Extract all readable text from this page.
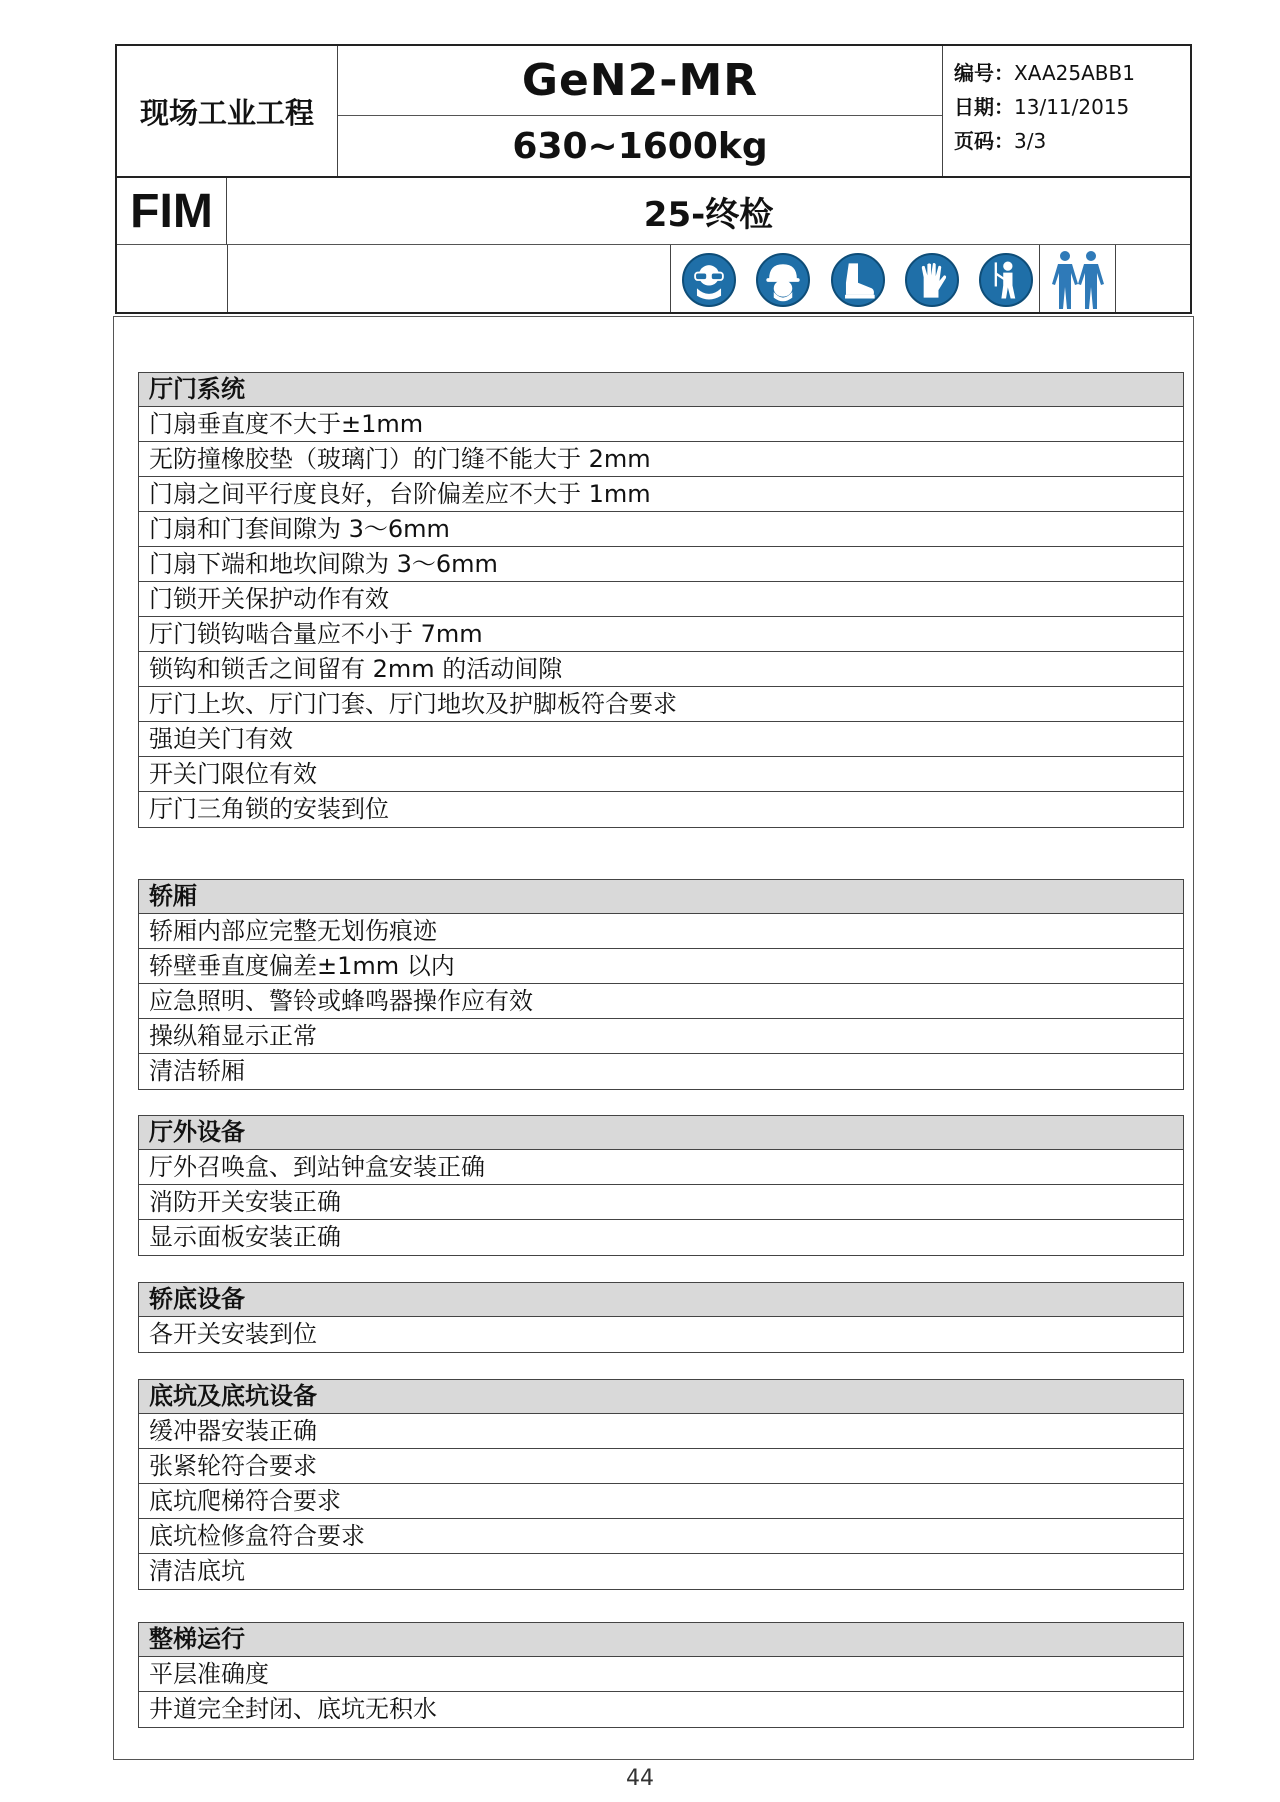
现场工业工程
GeN2-MR
630~1600kg
编号：XAA25ABB1
日期：13/11/2015
页码：3/3
FIM	25-终检
厅门系统
门扇垂直度不大于±1mm
无防撞橡胶垫（玻璃门）的门缝不能大于 2mm
门扇之间平行度良好，台阶偏差应不大于 1mm
门扇和门套间隙为 3～6mm
门扇下端和地坎间隙为 3～6mm
门锁开关保护动作有效
厅门锁钩啮合量应不小于 7mm
锁钩和锁舌之间留有 2mm 的活动间隙
厅门上坎、厅门门套、厅门地坎及护脚板符合要求
强迫关门有效
开关门限位有效
厅门三角锁的安装到位
轿厢
轿厢内部应完整无划伤痕迹
轿壁垂直度偏差±1mm 以内
应急照明、警铃或蜂鸣器操作应有效
操纵箱显示正常
清洁轿厢
厅外设备
厅外召唤盒、到站钟盒安装正确
消防开关安装正确
显示面板安装正确
轿底设备
各开关安装到位
底坑及底坑设备
缓冲器安装正确
张紧轮符合要求
底坑爬梯符合要求
底坑检修盒符合要求
清洁底坑
整梯运行
平层准确度
井道完全封闭、底坑无积水
44
